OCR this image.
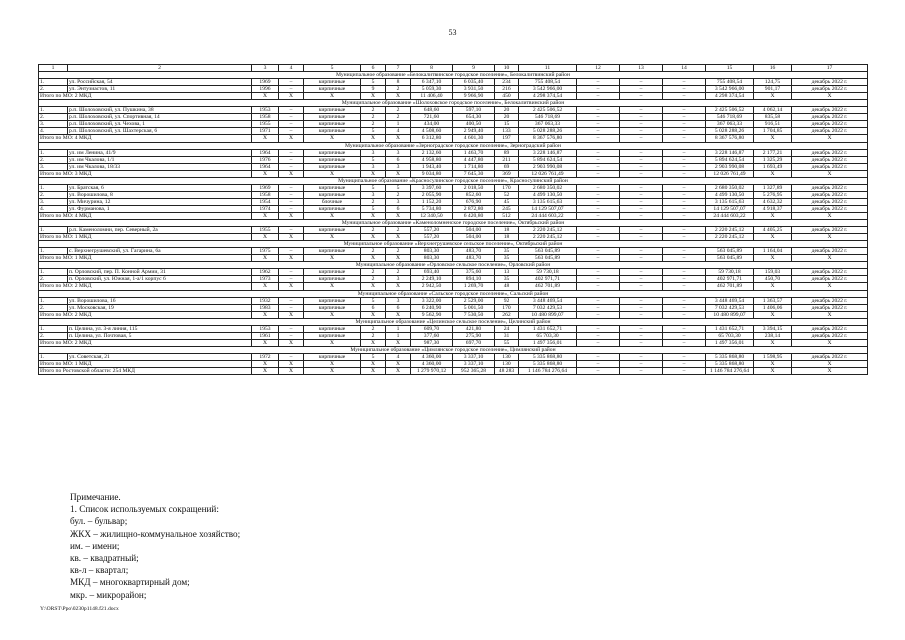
53
1	2	3	4	5	6	7	8	9	10	11	12	13	14	15	16	17
Муниципальное образование «Белокалитвинское городское поселение», Белокалитвинский район																
1.	ул. Российская, 54	1969	–	кирпичные	5	8	6 347,10	6 035,40	234	755 408,54	–	–	–	755 408,54	124,75	декабрь 2022 г.
2.	ул. Энтузиастов, 11	1996	–	кирпичные	9	2	5 059,30	3 931,50	216	3 542 966,00	–	–	–	3 542 966,00	901,17	декабрь 2022 г.
Итого по МО: 2 МКД		X	X	X	X	X	11 406,40	9 966,90	450	4 298 374,54	–	–	–	4 298 374,54	X	X
Муниципальное образование «Шолоховское городское поселение», Белокалитвинский район																
1.	р.п. Шолоховский, ул. Пушкина, 38	1953	–	кирпичные	2	2	648,60	597,10	20	2 425 506,52	–	–	–	2 425 506,52	4 062,14	декабрь 2022 г.
2.	р.п. Шолоховский, ул. Спортивная, 14	1958	–	кирпичные	2	2	721,60	654,30	20	546 718,69	–	–	–	546 718,69	835,58	декабрь 2022 г.
3.	р.п. Шолоховский, ул. Чехова, 1	1955	–	кирпичные	2	1	434,00	400,50	15	367 063,33	–	–	–	367 063,33	916,51	декабрь 2022 г.
4.	р.п. Шолоховский, ул. Шахтерская, 6	1971	–	кирпичные	5	4	4 508,60	2 949,40	133	5 028 288,26	–	–	–	5 028 288,26	1 704,85	декабрь 2022 г.
Итого по МО: 4 МКД		X	X	X	X	X	6 312,80	4 601,30	197	8 367 576,80	–	–	–	8 367 576,80	X	X
Муниципальное образование «Зерноградское городское поселение», Зерноградский район																
1.	ул. им Ленина, 41/9	1964	–	кирпичные	3	3	2 132,60	1 463,70	89	3 228 146,87	–	–	–	3 228 146,87	2 177,21	декабрь 2022 г.
2.	ул. им Чкалова, 1/1	1976	–	кирпичные	5	6	4 958,80	4 447,80	211	5 894 624,54	–	–	–	5 894 624,54	1 325,29	декабрь 2022 г.
3.	ул. им Чкалова, 18/33	1964	–	кирпичные	3	3	1 943,40	1 714,80	69	2 903 990,08	–	–	–	2 903 990,08	1 693,49	декабрь 2022 г.
Итого по МО: 3 МКД		X	X	X	X	X	9 034,80	7 645,30	369	12 026 761,49	–	–	–	12 026 761,49	X	X
Муниципальное образование «Красносулинское городское поселение», Красносулинский район																
1.	ул. Братская, 6	1969	–	кирпичные	5	5	3 397,60	2 018,50	170	2 680 350,02	–	–	–	2 680 350,02	1 327,89	декабрь 2022 г.
2.	ул. Ворошилова, 8	1958	–	кирпичные	3	2	2 055,90	852,60	52	4 499 130,50	–	–	–	4 499 130,50	5 276,95	декабрь 2022 г.
3.	ул. Мичурина, 12	1954	–	блочные	2	3	1 152,20	676,90	45	3 135 615,63	–	–	–	3 135 615,63	4 632,32	декабрь 2022 г.
4.	ул. Фурманова, 1	1974	–	кирпичные	5	6	5 734,80	2 872,80	245	14 129 507,07	–	–	–	14 129 507,07	4 918,37	декабрь 2022 г.
Итого по МО: 4 МКД		X	X	X	X	X	12 340,50	6 420,80	512	24 444 603,22	–	–	–	24 444 603,22	X	X
Муниципальное образование «Каменоломненское городское поселение», Октябрьский район																
1.	р.п. Каменоломни, пер. Северный, 2а	1955	–	кирпичные	2	2	557,20	504,00	18	2 220 245,12	–	–	–	2 220 245,12	4 405,25	декабрь 2022 г.
Итого по МО: 1 МКД		X	X	X	X	X	557,20	504,00	18	2 220 245,12	–	–	–	2 220 245,12	X	X
Муниципальное образование «Верхнегрушевское сельское поселение», Октябрьский район																
1.	с. Верхнегрушевский, ул. Гагарина, 6а	1975	–	кирпичные	2	2	803,30	483,70	35	563 045,89	–	–	–	563 045,89	1 164,04	декабрь 2022 г.
Итого по МО: 1 МКД		X	X	X	X	X	803,30	483,70	35	563 045,89	–	–	–	563 045,89	X	X
Муниципальное образование «Орловское сельское поселение», Орловский район																
1.	п. Орловский, пер. П. Конной Армии, 31	1962	–	кирпичные	2	2	693,40	375,60	13	59 730,18	–	–	–	59 730,18	159,03	декабрь 2022 г.
2.	п. Орловский, ул. Южная, 1-а/1 корпус 6	1973	–	кирпичные	2	3	2 249,10	894,10	35	402 971,71	–	–	–	402 971,71	450,70	декабрь 2022 г.
Итого по МО: 2 МКД		X	X	X	X	X	2 942,50	1 269,70	48	462 701,89	–	–	–	462 701,89	X	X
Муниципальное образование «Сальское городское поселение», Сальский район																
1.	ул. Ворошилова, 16	1932	–	кирпичные	5	3	3 322,00	2 529,00	92	3 448 469,54	–	–	–	3 448 469,54	1 363,57	декабрь 2022 г.
2.	ул. Московская, 19	1983	–	кирпичные	6	6	6 240,90	5 001,50	170	7 032 429,53	–	–	–	7 032 429,53	1 406,06	декабрь 2022 г.
Итого по МО: 2 МКД		X	X	X	X	X	9 562,90	7 530,50	262	10 480 899,07	–	–	–	10 480 899,07	X	X
Муниципальное образование «Целинское сельское поселение», Целинский район																
1.	п. Целина, ул. 3-я линия, 115	1953	–	кирпичные	2	1	609,70	421,80	24	1 431 652,71	–	–	–	1 431 652,71	3 394,15	декабрь 2022 г.
2.	п. Целина, ул. Почтовая, 5	1961	–	кирпичные	2	1	377,60	275,90	31	65 703,30	–	–	–	65 703,30	238,14	декабрь 2022 г.
Итого по МО: 2 МКД		X	X	X	X	X	987,30	697,70	55	1 497 356,01	–	–	–	1 497 356,01	X	X
Муниципальное образование «Цимлянское городское поселение», Цимлянский район																
1.	ул. Советская, 21	1972	–	кирпичные	5	4	4 360,00	3 337,10	130	5 335 868,80	–	–	–	5 335 868,80	1 598,95	декабрь 2022 г.
Итого по МО: 1 МКД		X	X	X	X	X	4 360,00	3 337,10	130	5 335 868,80	–	–	–	5 335 868,80	X	X
Итого по Ростовской области: 254 МКД		X	X	X	X	X	1 279 970,12	952 365,28	48 283	1 146 784 276,64	–	–	–	1 146 784 276,64	X	X
Примечание.
1. Список используемых сокращений:
бул. – бульвар;
ЖКХ – жилищно-коммунальное хозяйство;
им. – имени;
кв. – квадратный;
кв-л – квартал;
МКД – многоквартирный дом;
мкр. – микрорайон;
Y:\ORST\Ppo\0230p1148.f21.docx
